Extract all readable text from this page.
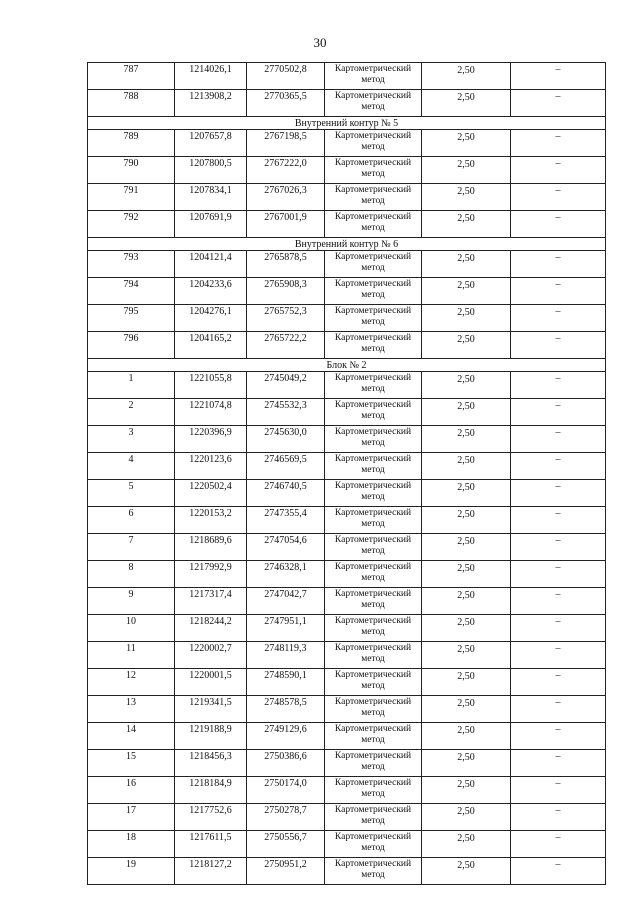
30
787	1214026,1	2770502,8	Картометрический метод	2,50	–
788	1213908,2	2770365,5	Картометрический метод	2,50	–
Внутренний контур № 5					
789	1207657,8	2767198,5	Картометрический метод	2,50	–
790	1207800,5	2767222,0	Картометрический метод	2,50	–
791	1207834,1	2767026,3	Картометрический метод	2,50	–
792	1207691,9	2767001,9	Картометрический метод	2,50	–
Внутренний контур № 6					
793	1204121,4	2765878,5	Картометрический метод	2,50	–
794	1204233,6	2765908,3	Картометрический метод	2,50	–
795	1204276,1	2765752,3	Картометрический метод	2,50	–
796	1204165,2	2765722,2	Картометрический метод	2,50	–
Блок № 2					
1	1221055,8	2745049,2	Картометрический метод	2,50	–
2	1221074,8	2745532,3	Картометрический метод	2,50	–
3	1220396,9	2745630,0	Картометрический метод	2,50	–
4	1220123,6	2746569,5	Картометрический метод	2,50	–
5	1220502,4	2746740,5	Картометрический метод	2,50	–
6	1220153,2	2747355,4	Картометрический метод	2,50	–
7	1218689,6	2747054,6	Картометрический метод	2,50	–
8	1217992,9	2746328,1	Картометрический метод	2,50	–
9	1217317,4	2747042,7	Картометрический метод	2,50	–
10	1218244,2	2747951,1	Картометрический метод	2,50	–
11	1220002,7	2748119,3	Картометрический метод	2,50	–
12	1220001,5	2748590,1	Картометрический метод	2,50	–
13	1219341,5	2748578,5	Картометрический метод	2,50	–
14	1219188,9	2749129,6	Картометрический метод	2,50	–
15	1218456,3	2750386,6	Картометрический метод	2,50	–
16	1218184,9	2750174,0	Картометрический метод	2,50	–
17	1217752,6	2750278,7	Картометрический метод	2,50	–
18	1217611,5	2750556,7	Картометрический метод	2,50	–
19	1218127,2	2750951,2	Картометрический метод	2,50	–
